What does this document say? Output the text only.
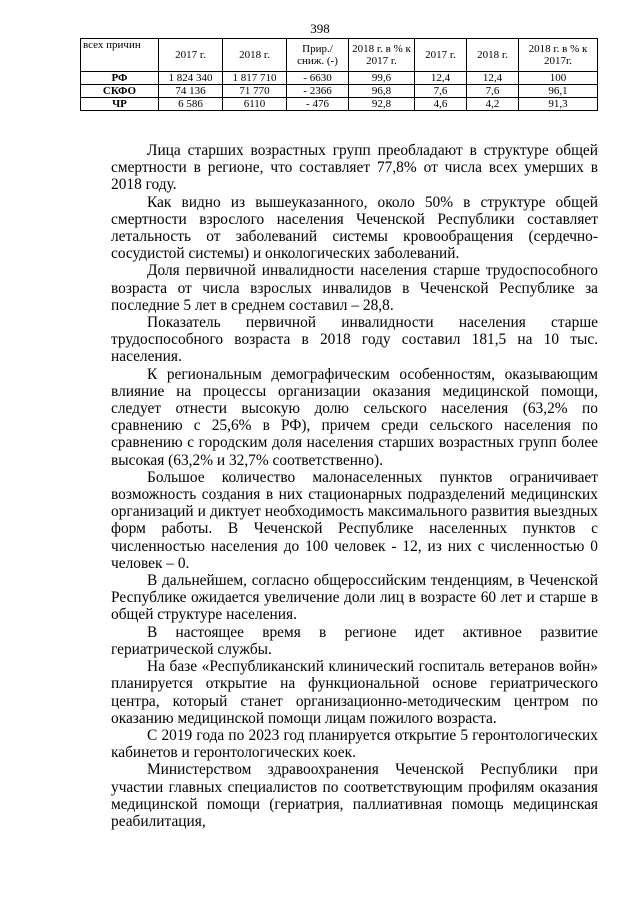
398
всех причин	2017 г.	2018 г.	Прир./ сниж. (-)	2018 г. в % к 2017 г.	2017 г.	2018 г.	2018 г. в % к 2017г.
РФ	1 824 340	1 817 710	- 6630	99,6	12,4	12,4	100
СКФО	74 136	71 770	- 2366	96,8	7,6	7,6	96,1
ЧР	6 586	6110	- 476	92,8	4,6	4,2	91,3

Лица старших возрастных групп преобладают в структуре общей смертности в регионе, что составляет 77,8% от числа всех умерших в 2018 году.

Как видно из вышеуказанного, около 50% в структуре общей смертности взрослого населения Чеченской Республики составляет летальность от заболеваний системы кровообращения (сердечно-сосудистой системы) и онкологических заболеваний.

Доля первичной инвалидности населения старше трудоспособного возраста от числа взрослых инвалидов в Чеченской Республике за последние 5 лет в среднем составил – 28,8.

Показатель первичной инвалидности населения старше трудоспособного возраста в 2018 году составил 181,5 на 10 тыс. населения.

К региональным демографическим особенностям, оказывающим влияние на процессы организации оказания медицинской помощи, следует отнести высокую долю сельского населения (63,2% по сравнению с 25,6% в РФ), причем среди сельского населения по сравнению с городским доля населения старших возрастных групп более высокая (63,2% и 32,7% соответственно).

Большое количество малонаселенных пунктов ограничивает возможность создания в них стационарных подразделений медицинских организаций и диктует необходимость максимального развития выездных форм работы. В Чеченской Республике населенных пунктов с численностью населения до 100 человек - 12, из них с численностью 0 человек – 0.

В дальнейшем, согласно общероссийским тенденциям, в Чеченской Республике ожидается увеличение доли лиц в возрасте 60 лет и старше в общей структуре населения.

В настоящее время в регионе идет активное развитие гериатрической службы.

На базе «Республиканский клинический госпиталь ветеранов войн» планируется открытие на функциональной основе гериатрического центра, который станет организационно-методическим центром по оказанию медицинской помощи лицам пожилого возраста.

С 2019 года по 2023 год планируется открытие 5 геронтологических кабинетов и геронтологических коек.

Министерством здравоохранения Чеченской Республики при участии главных специалистов по соответствующим профилям оказания медицинской помощи (гериатрия, паллиативная помощь медицинская реабилитация,
